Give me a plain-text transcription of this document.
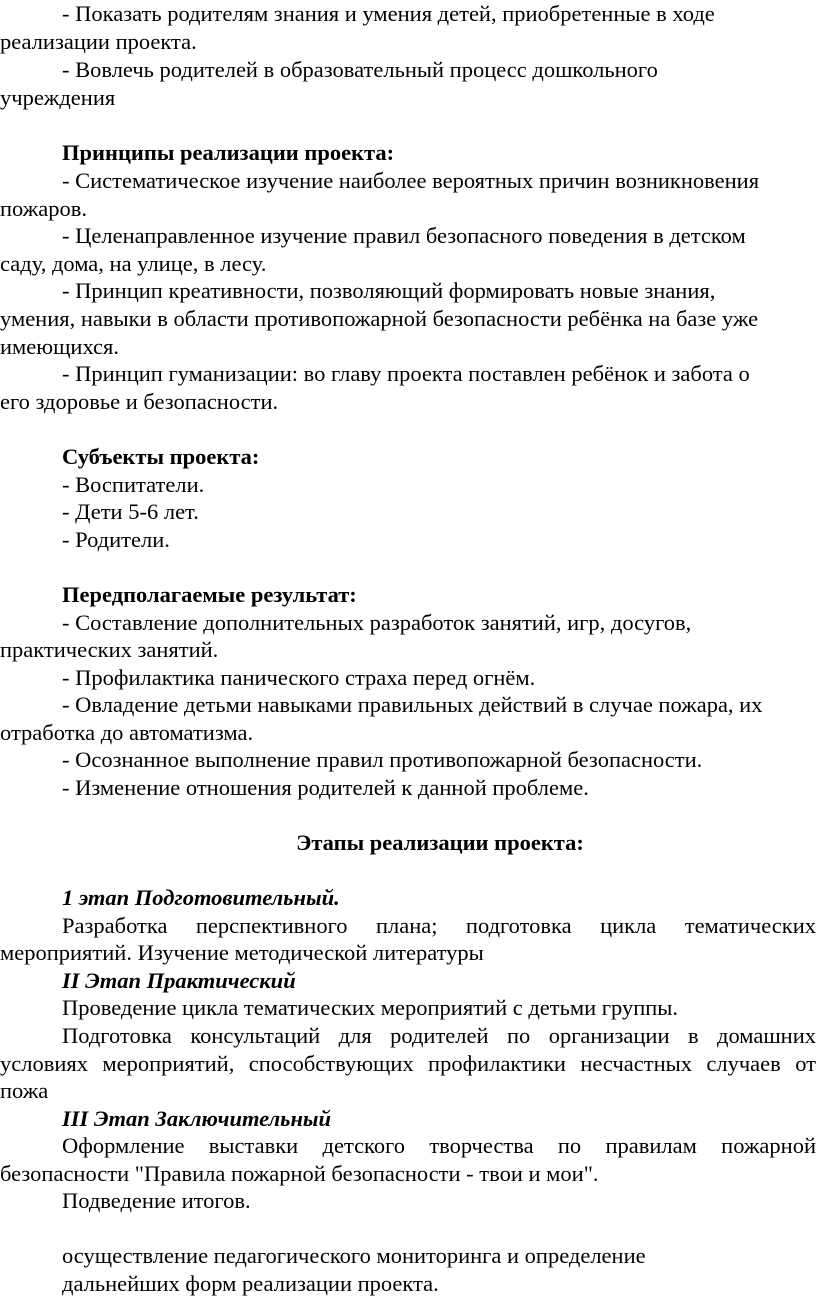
- Показать родителям знания и умения детей, приобретенные в ходе
реализации проекта.
- Вовлечь родителей в образовательный процесс дошкольного
учреждения
Принципы реализации проекта:
- Систематическое изучение наиболее вероятных причин возникновения
пожаров.
- Целенаправленное изучение правил безопасного поведения в детском
саду, дома, на улице, в лесу.
- Принцип креативности, позволяющий формировать новые знания,
умения, навыки в области противопожарной безопасности ребёнка на базе уже
имеющихся.
- Принцип гуманизации: во главу проекта поставлен ребёнок и забота о
его здоровье и безопасности.
Субъекты проекта:
- Воспитатели.
- Дети 5-6 лет.
- Родители.
Передполагаемые результат:
- Составление дополнительных разработок занятий, игр, досугов,
практических занятий.
- Профилактика панического страха перед огнём.
- Овладение детьми навыками правильных действий в случае пожара, их
отработка до автоматизма.
- Осознанное выполнение правил противопожарной безопасности.
- Изменение отношения родителей к данной проблеме.
Этапы реализации проекта:
1 этап Подготовительный.
Разработка перспективного плана; подготовка цикла тематических
мероприятий. Изучение методической литературы
II Этап Практический
Проведение цикла тематических мероприятий с детьми группы.
Подготовка консультаций для родителей по организации в домашних
условиях мероприятий, способствующих профилактики несчастных случаев от
пожа
III Этап Заключительный
Оформление выставки детского творчества по правилам пожарной
безопасности "Правила пожарной безопасности - твои и мои".
Подведение итогов.
осуществление педагогического мониторинга и определение
дальнейших форм реализации проекта.
